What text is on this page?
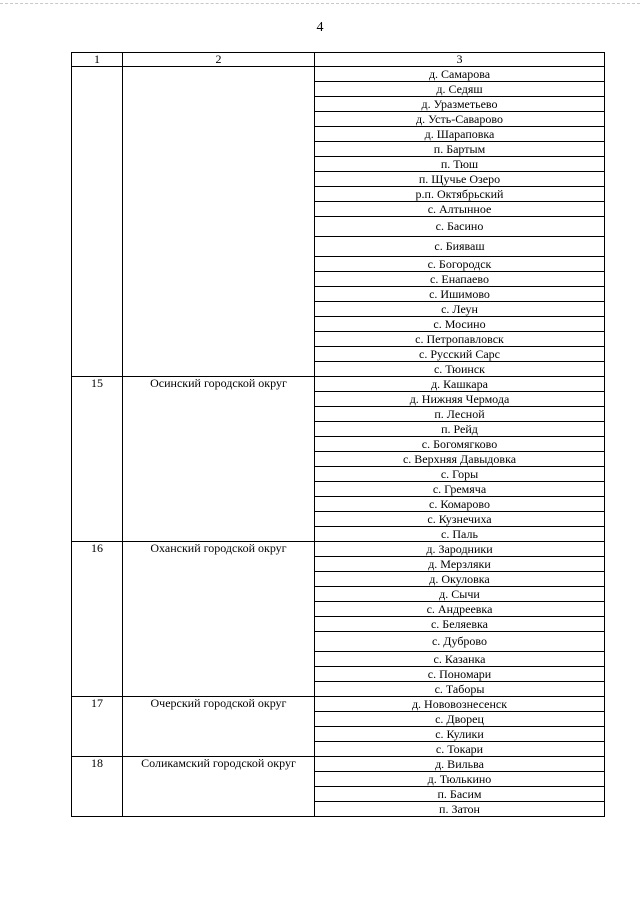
4
1	2	3
		д. Самарова
		д. Седяш
		д. Уразметьево
		д. Усть-Саварово
		д. Шараповка
		п. Бартым
		п. Тюш
		п. Щучье Озеро
		р.п. Октябрьский
		с. Алтынное
		с. Басино
		с. Бияваш
		с. Богородск
		с. Енапаево
		с. Ишимово
		с. Леун
		с. Мосино
		с. Петропавловск
		с. Русский Сарс
		с. Тюинск
15	Осинский городской округ	д. Кашкара
		д. Нижняя Чермода
		п. Лесной
		п. Рейд
		с. Богомягково
		с. Верхняя Давыдовка
		с. Горы
		с. Гремяча
		с. Комарово
		с. Кузнечиха
		с. Паль
16	Оханский городской округ	д. Зародники
		д. Мерзляки
		д. Окуловка
		д. Сычи
		с. Андреевка
		с. Беляевка
		с. Дуброво
		с. Казанка
		с. Пономари
		с. Таборы
17	Очерский городской округ	д. Нововознесенск
		с. Дворец
		с. Кулики
		с. Токари
18	Соликамский городской округ	д. Вильва
		д. Тюлькино
		п. Басим
		п. Затон
